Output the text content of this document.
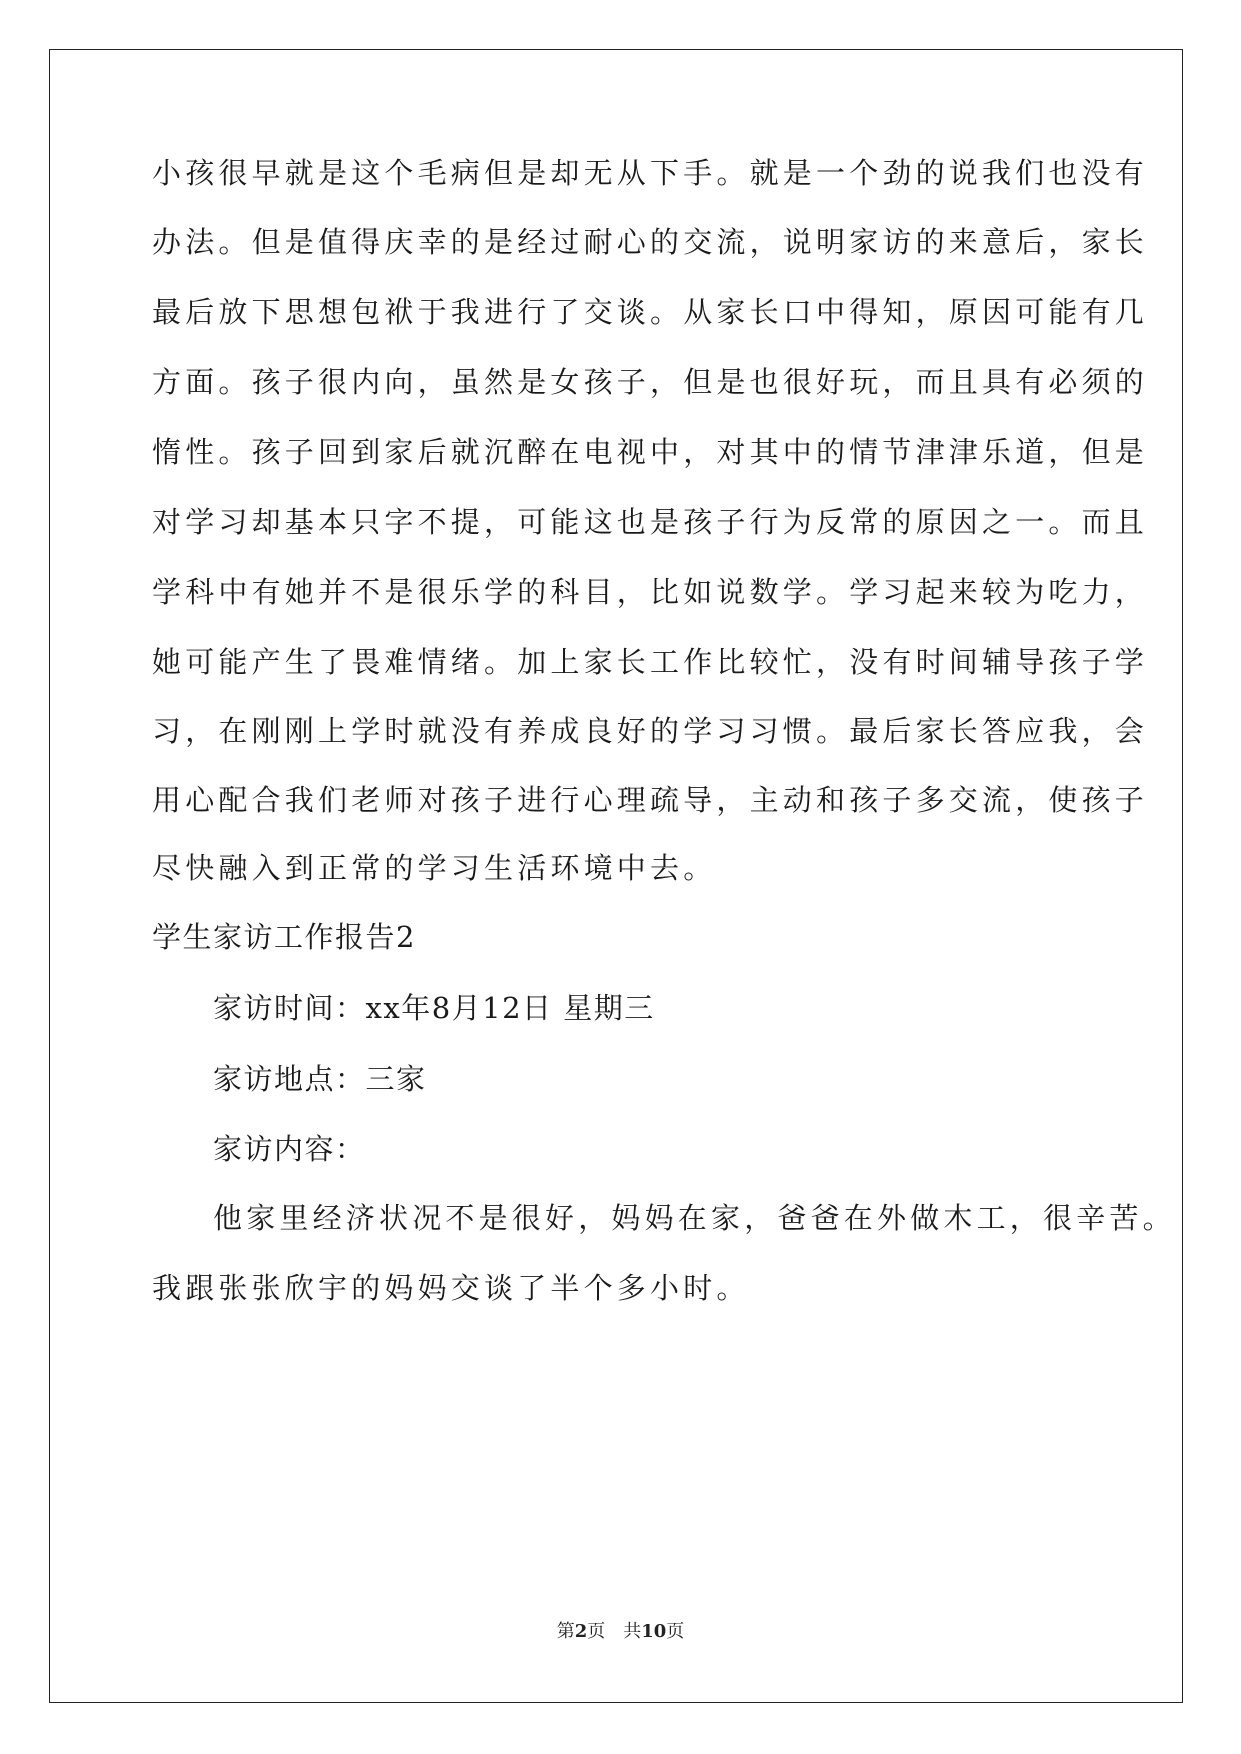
小孩很早就是这个毛病但是却无从下手。就是一个劲的说我们也没有
办法。但是值得庆幸的是经过耐心的交流，说明家访的来意后，家长
最后放下思想包袱于我进行了交谈。从家长口中得知，原因可能有几
方面。孩子很内向，虽然是女孩子，但是也很好玩，而且具有必须的
惰性。孩子回到家后就沉醉在电视中，对其中的情节津津乐道，但是
对学习却基本只字不提，可能这也是孩子行为反常的原因之一。而且
学科中有她并不是很乐学的科目，比如说数学。学习起来较为吃力，
她可能产生了畏难情绪。加上家长工作比较忙，没有时间辅导孩子学
习，在刚刚上学时就没有养成良好的学习习惯。最后家长答应我，会
用心配合我们老师对孩子进行心理疏导，主动和孩子多交流，使孩子
尽快融入到正常的学习生活环境中去。
学生家访工作报告2
家访时间：xx年8月12日 星期三
家访地点：三家
家访内容：
他家里经济状况不是很好，妈妈在家，爸爸在外做木工，很辛苦。
我跟张张欣宇的妈妈交谈了半个多小时。
第2页 共10页
